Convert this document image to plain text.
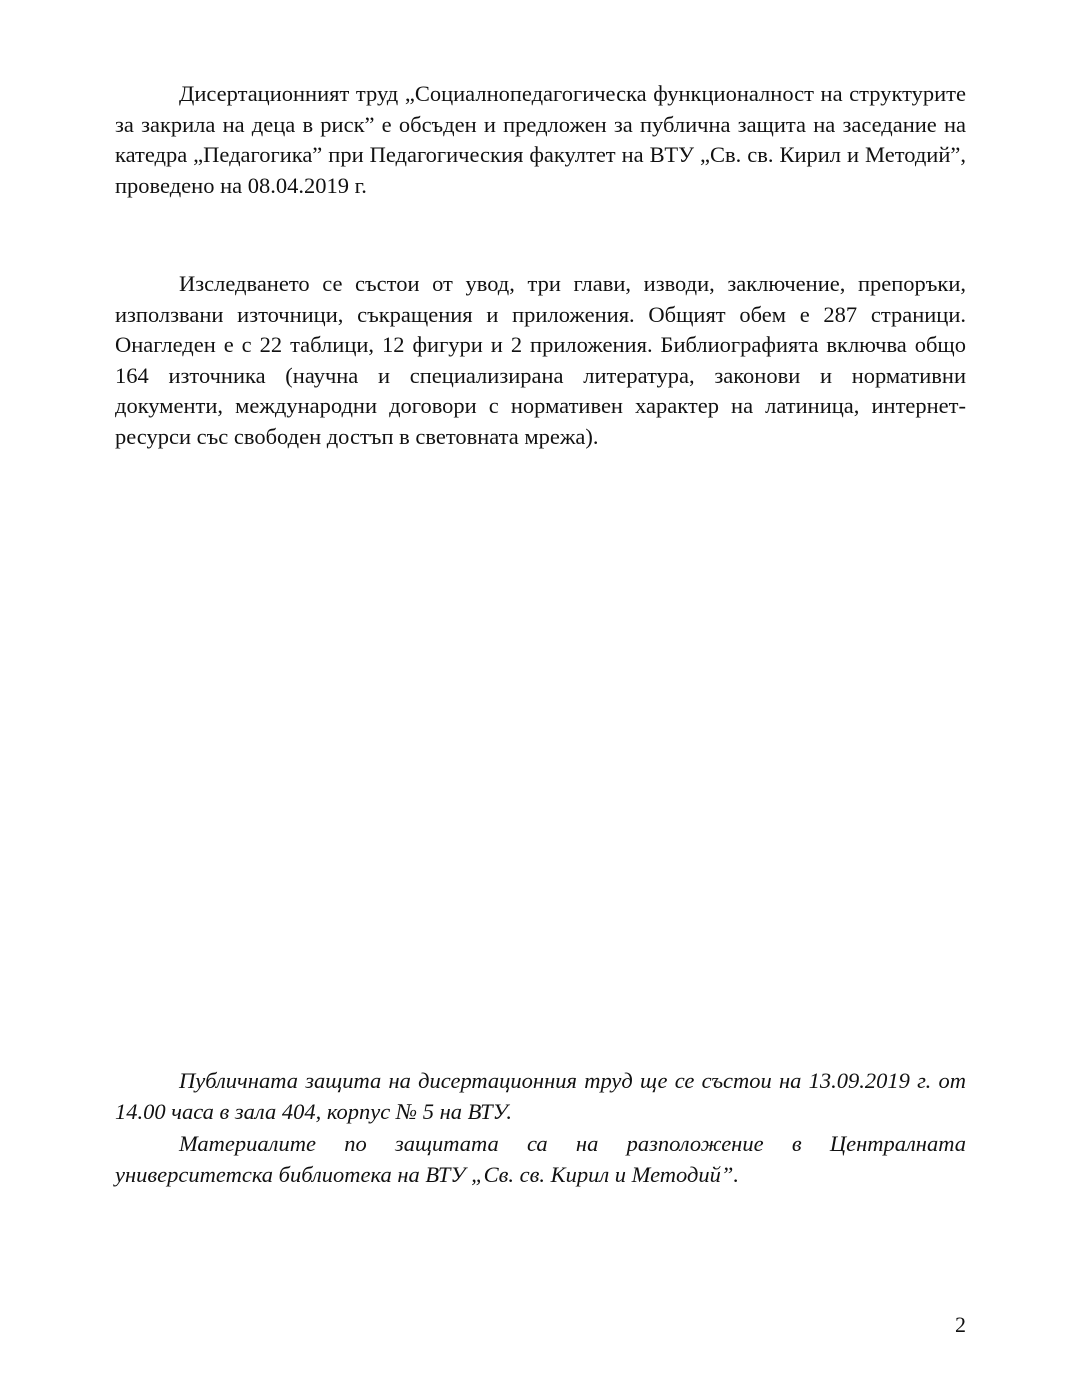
Дисертационният труд „Социалнопедагогическа функционалност на структурите за закрила на деца в риск” е обсъден и предложен за публична защита на заседание на катедра „Педагогика” при Педагогическия факултет на ВТУ „Св. св. Кирил и Методий”, проведено на 08.04.2019 г.

Изследването се състои от увод, три глави, изводи, заключение, препоръки, използвани източници, съкращения и приложения. Общият обем е 287 страници. Онагледен е с 22 таблици, 12 фигури и 2 приложения. Библиографията включва общо 164 източника (научна и специализирана литература, законови и нормативни документи, международни договори с нормативен характер на латиница, интернет-ресурси със свободен достъп в световната мрежа).

Публичната защита на дисертационния труд ще се състои на 13.09.2019 г. от 14.00 часа в зала 404, корпус № 5 на ВТУ.

Материалите по защитата са на разположение в Централната университетска библиотека на ВТУ „Св. св. Кирил и Методий”.

2
